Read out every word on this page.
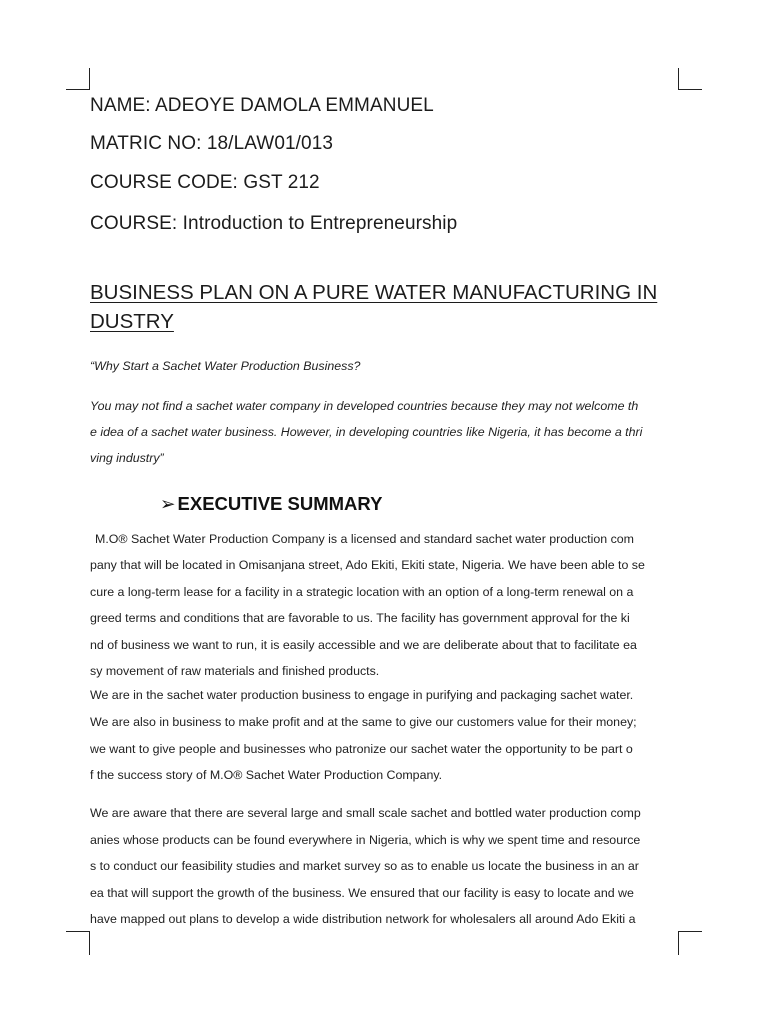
NAME: ADEOYE DAMOLA EMMANUEL
MATRIC NO: 18/LAW01/013
COURSE CODE: GST 212
COURSE: Introduction to Entrepreneurship
BUSINESS PLAN ON A PURE WATER MANUFACTURING IN
DUSTRY
“Why Start a Sachet Water Production Business?
You may not find a sachet water company in developed countries because they may not welcome th
e idea of a sachet water business. However, in developing countries like Nigeria, it has become a thri
ving industry”
➢ EXECUTIVE SUMMARY
M.O® Sachet Water Production Company is a licensed and standard sachet water production com
pany that will be located in Omisanjana street, Ado Ekiti, Ekiti state, Nigeria. We have been able to se
cure a long-term lease for a facility in a strategic location with an option of a long-term renewal on a
greed terms and conditions that are favorable to us. The facility has government approval for the ki
nd of business we want to run, it is easily accessible and we are deliberate about that to facilitate ea
sy movement of raw materials and finished products.
We are in the sachet water production business to engage in purifying and packaging sachet water.
We are also in business to make profit and at the same to give our customers value for their money;
we want to give people and businesses who patronize our sachet water the opportunity to be part o
f the success story of M.O® Sachet Water Production Company.
We are aware that there are several large and small scale sachet and bottled water production comp
anies whose products can be found everywhere in Nigeria, which is why we spent time and resource
s to conduct our feasibility studies and market survey so as to enable us locate the business in an ar
ea that will support the growth of the business. We ensured that our facility is easy to locate and we
have mapped out plans to develop a wide distribution network for wholesalers all around Ado Ekiti a
